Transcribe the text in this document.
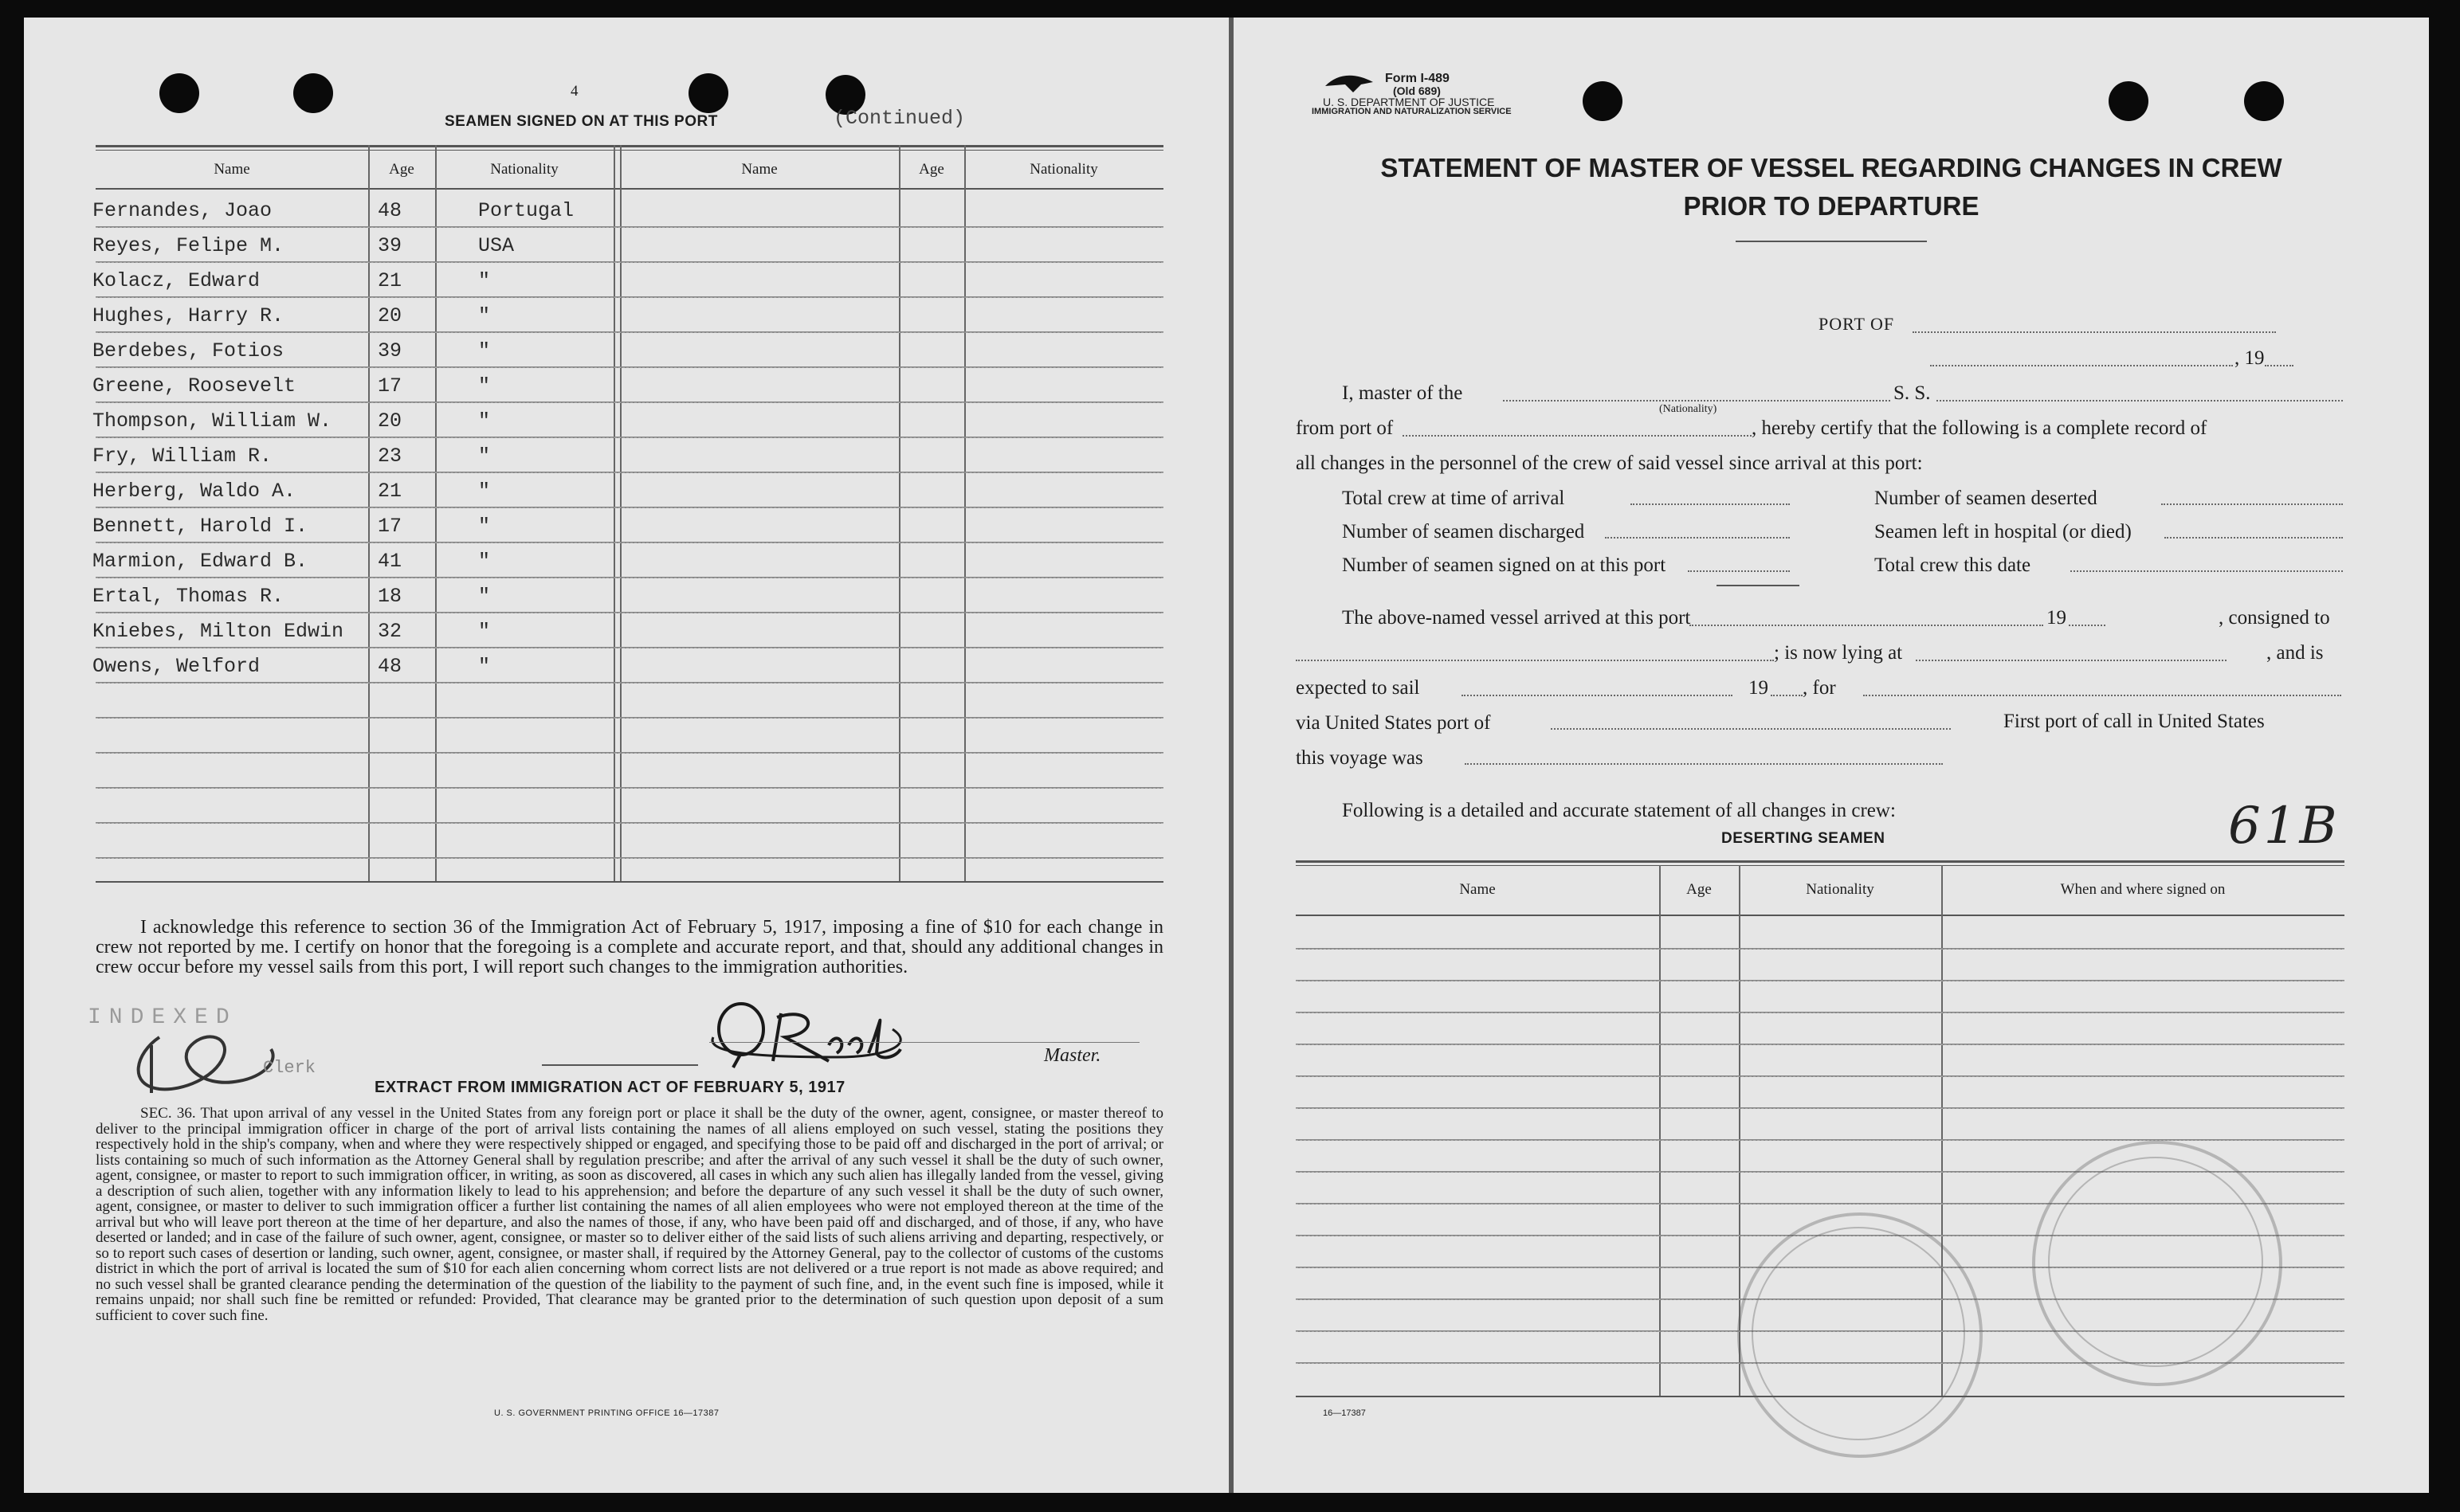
4
SEAMEN SIGNED ON AT THIS PORT	(Continued)
Name	Age	Nationality	Name	Age	Nationality
Fernandes, Joao	48	Portugal
Reyes, Felipe M.	39	USA
Kolacz, Edward	21	"
Hughes, Harry R.	20	"
Berdebes, Fotios	39	"
Greene, Roosevelt	17	"
Thompson, William W.	20	"
Fry, William R.	23	"
Herberg, Waldo A.	21	"
Bennett, Harold I.	17	"
Marmion, Edward B.	41	"
Ertal, Thomas R.	18	"
Kniebes, Milton Edwin	32	"
Owens, Welford	48	"
I acknowledge this reference to section 36 of the Immigration Act of February 5, 1917, imposing a fine of $10 for each change in crew not reported by me. I certify on honor that the foregoing is a complete and accurate report, and that, should any additional changes in crew occur before my vessel sails from this port, I will report such changes to the immigration authorities.
INDEXED
Clerk
Master.
EXTRACT FROM IMMIGRATION ACT OF FEBRUARY 5, 1917
SEC. 36. That upon arrival of any vessel in the United States from any foreign port or place it shall be the duty of the owner, agent, consignee, or master thereof to deliver to the principal immigration officer in charge of the port of arrival lists containing the names of all aliens employed on such vessel, stating the positions they respectively hold in the ship's company, when and where they were respectively shipped or engaged, and specifying those to be paid off and discharged in the port of arrival; or lists containing so much of such information as the Attorney General shall by regulation prescribe; and after the arrival of any such vessel it shall be the duty of such owner, agent, consignee, or master to report to such immigration officer, in writing, as soon as discovered, all cases in which any such alien has illegally landed from the vessel, giving a description of such alien, together with any information likely to lead to his apprehension; and before the departure of any such vessel it shall be the duty of such owner, agent, consignee, or master to deliver to such immigration officer a further list containing the names of all alien employees who were not employed thereon at the time of the arrival but who will leave port thereon at the time of her departure, and also the names of those, if any, who have been paid off and discharged, and of those, if any, who have deserted or landed; and in case of the failure of such owner, agent, consignee, or master so to deliver either of the said lists of such aliens arriving and departing, respectively, or so to report such cases of desertion or landing, such owner, agent, consignee, or master shall, if required by the Attorney General, pay to the collector of customs of the customs district in which the port of arrival is located the sum of $10 for each alien concerning whom correct lists are not delivered or a true report is not made as above required; and no such vessel shall be granted clearance pending the determination of the question of the liability to the payment of such fine, and, in the event such fine is imposed, while it remains unpaid; nor shall such fine be remitted or refunded: Provided, That clearance may be granted prior to the determination of such question upon deposit of a sum sufficient to cover such fine.
U. S. GOVERNMENT PRINTING OFFICE 16—17387
Form I-489
(Old 689)
U. S. DEPARTMENT OF JUSTICE
IMMIGRATION AND NATURALIZATION SERVICE
STATEMENT OF MASTER OF VESSEL REGARDING CHANGES IN CREW
PRIOR TO DEPARTURE
PORT OF
, 19
I, master of the
(Nationality)
S. S.
from port of	, hereby certify that the following is a complete record of
all changes in the personnel of the crew of said vessel since arrival at this port:
Total crew at time of arrival	Number of seamen deserted
Number of seamen discharged	Seamen left in hospital (or died)
Number of seamen signed on at this port	Total crew this date
The above-named vessel arrived at this port	19	, consigned to
; is now lying at	, and is
expected to sail	19 , for
via United States port of	First port of call in United States
this voyage was
Following is a detailed and accurate statement of all changes in crew:
DESERTING SEAMEN	61B
Name	Age	Nationality	When and where signed on
16—17387
